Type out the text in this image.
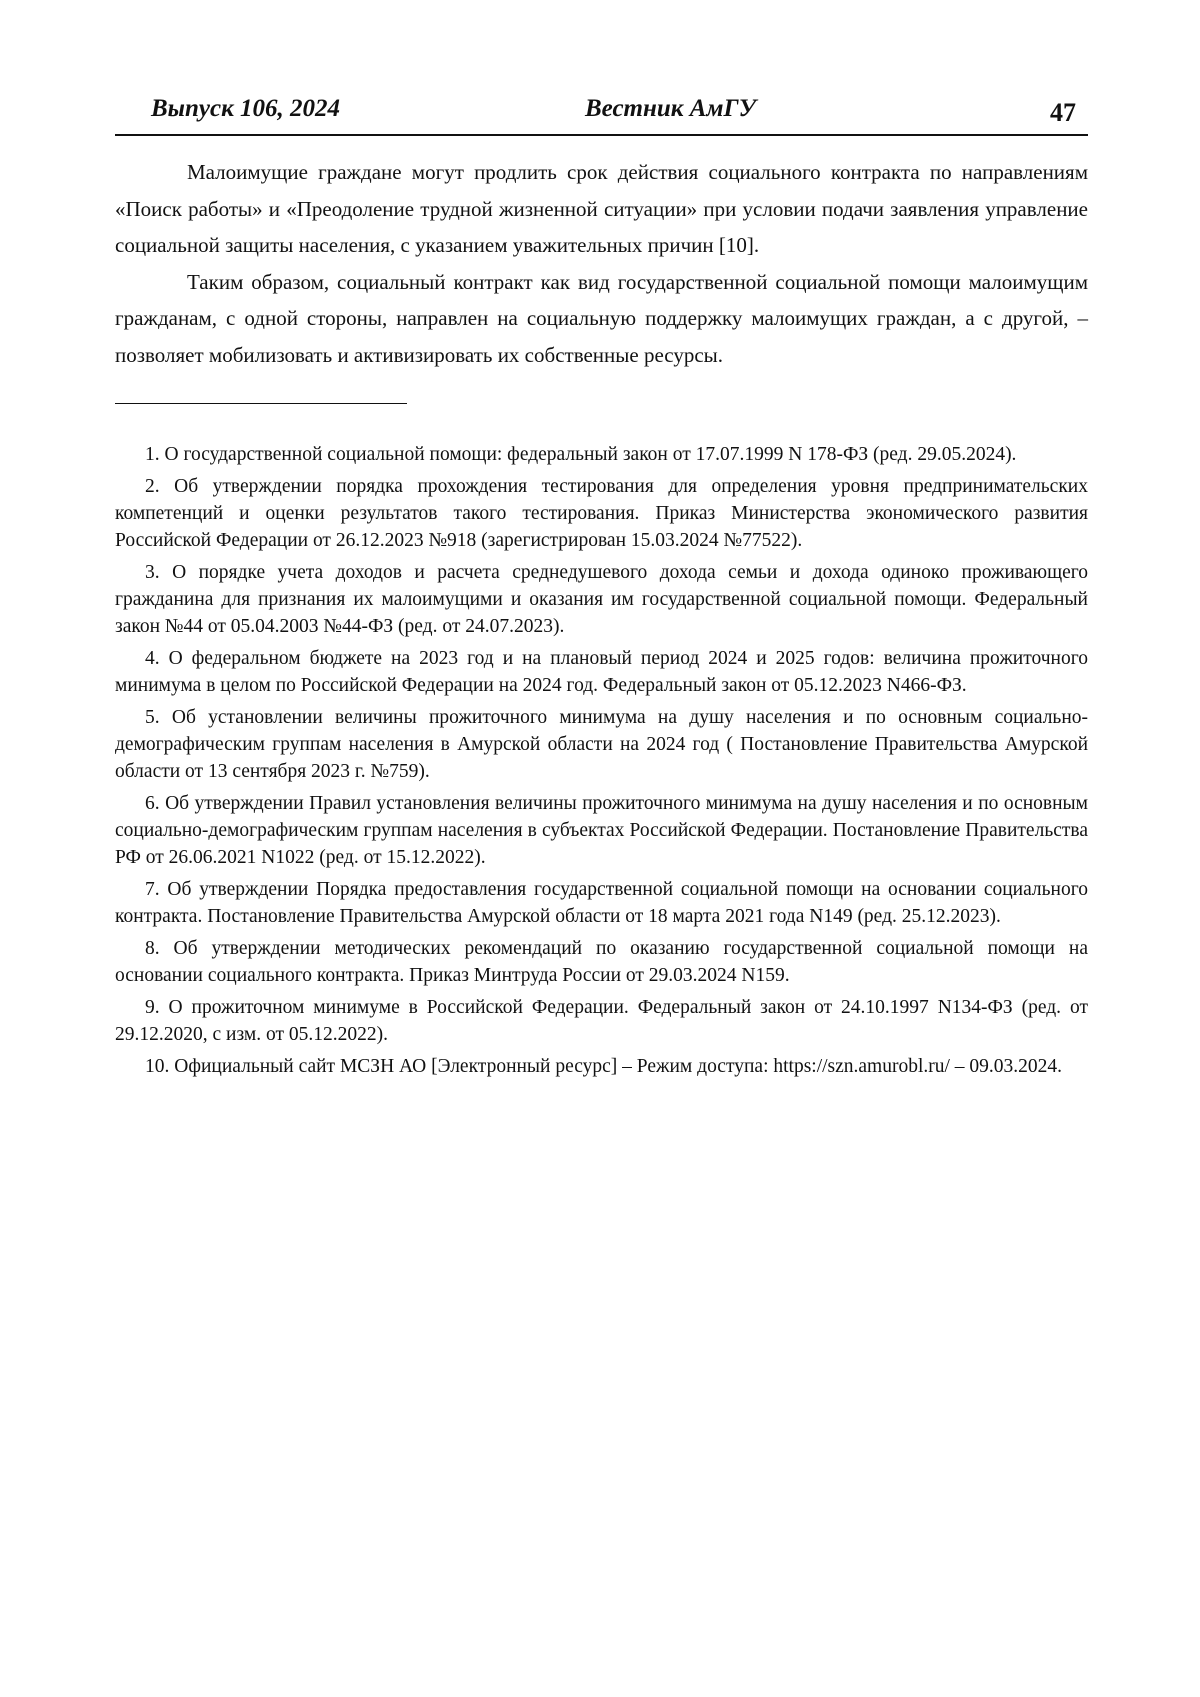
Выпуск 106, 2024	Вестник АмГУ	47

Малоимущие граждане могут продлить срок действия социального контракта по направлениям «Поиск работы» и «Преодоление трудной жизненной ситуации» при условии подачи заявления управление социальной защиты населения, с указанием уважительных причин [10].

Таким образом, социальный контракт как вид государственной социальной помощи малоимущим гражданам, с одной стороны, направлен на социальную поддержку малоимущих граждан, а с другой, – позволяет мобилизовать и активизировать их собственные ресурсы.

1. О государственной социальной помощи: федеральный закон от 17.07.1999 N 178-ФЗ (ред. 29.05.2024).

2. Об утверждении порядка прохождения тестирования для определения уровня предпринимательских компетенций и оценки результатов такого тестирования. Приказ Министерства экономического развития Российской Федерации от 26.12.2023 №918 (зарегистрирован 15.03.2024 №77522).

3. О порядке учета доходов и расчета среднедушевого дохода семьи и дохода одиноко проживающего гражданина для признания их малоимущими и оказания им государственной социальной помощи. Федеральный закон №44 от 05.04.2003 №44-ФЗ (ред. от 24.07.2023).

4. О федеральном бюджете на 2023 год и на плановый период 2024 и 2025 годов: величина прожиточного минимума в целом по Российской Федерации на 2024 год. Федеральный закон от 05.12.2023 N466-ФЗ.

5. Об установлении величины прожиточного минимума на душу населения и по основным социально-демографическим группам населения в Амурской области на 2024 год ( Постановление Правительства Амурской области от 13 сентября 2023 г. №759).

6. Об утверждении Правил установления величины прожиточного минимума на душу населения и по основным социально-демографическим группам населения в субъектах Российской Федерации. Постановление Правительства РФ от 26.06.2021 N1022 (ред. от 15.12.2022).

7. Об утверждении Порядка предоставления государственной социальной помощи на основании социального контракта. Постановление Правительства Амурской области от 18 марта 2021 года N149 (ред. 25.12.2023).

8. Об утверждении методических рекомендаций по оказанию государственной социальной помощи на основании социального контракта. Приказ Минтруда России от 29.03.2024 N159.

9. О прожиточном минимуме в Российской Федерации. Федеральный закон от 24.10.1997 N134-ФЗ (ред. от 29.12.2020, с изм. от 05.12.2022).

10. Официальный сайт МСЗН АО [Электронный ресурс] – Режим доступа: https://szn.amurobl.ru/ – 09.03.2024.
